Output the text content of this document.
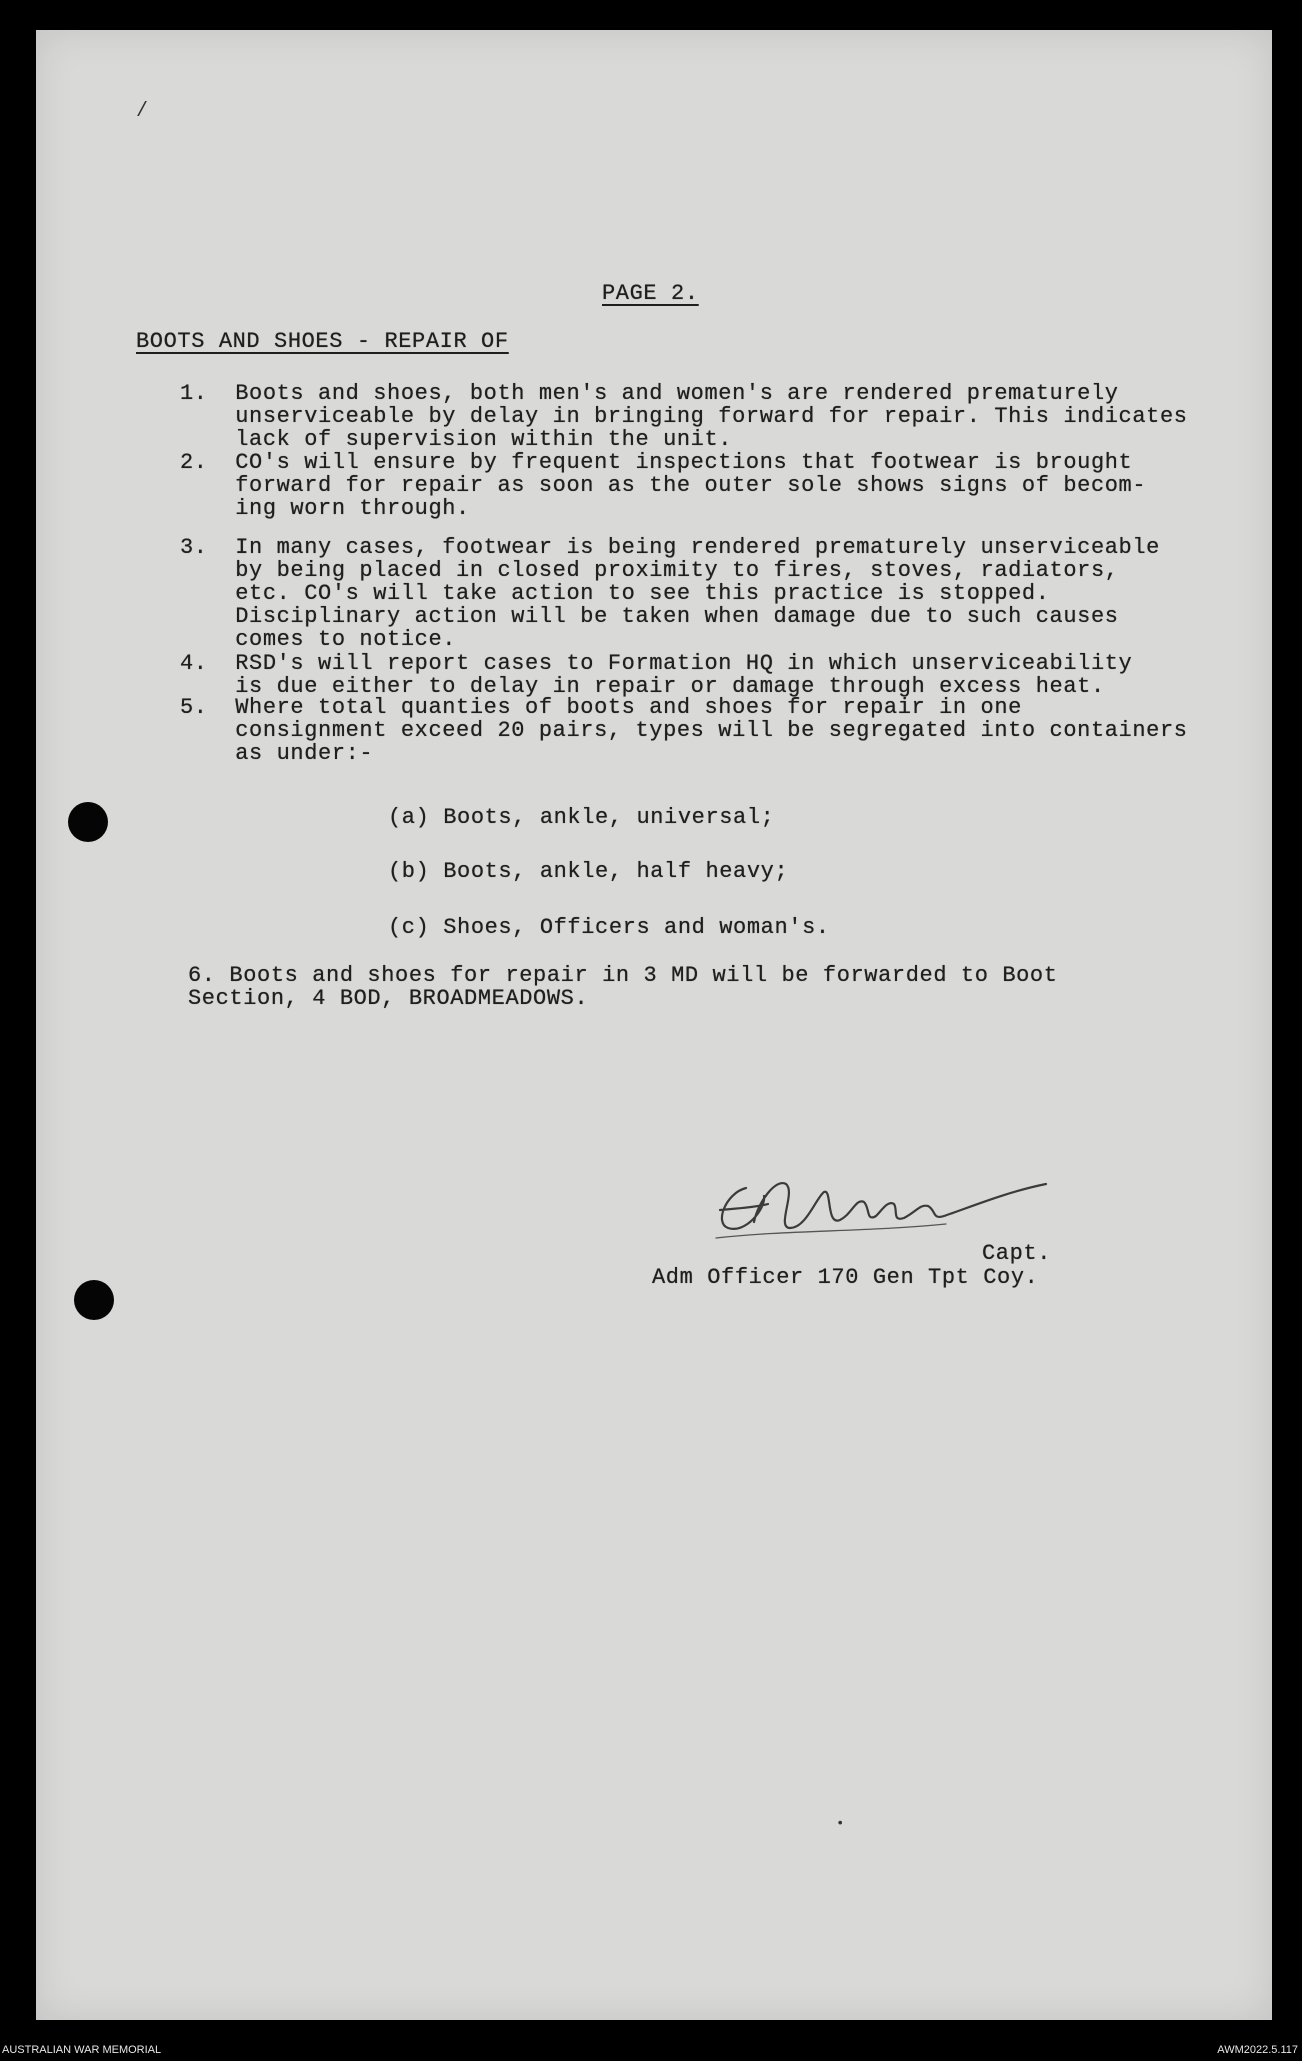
/
PAGE 2.
BOOTS AND SHOES - REPAIR OF
1.  Boots and shoes, both men's and women's are rendered prematurely
unserviceable by delay in bringing forward for repair. This indicates
lack of supervision within the unit.
2.  CO's will ensure by frequent inspections that footwear is brought
forward for repair as soon as the outer sole shows signs of becom-
ing worn through.
3.  In many cases, footwear is being rendered prematurely unserviceable
by being placed in closed proximity to fires, stoves, radiators,
etc. CO's will take action to see this practice is stopped.
Disciplinary action will be taken when damage due to such causes
comes to notice.
4.  RSD's will report cases to Formation HQ in which unserviceability
is due either to delay in repair or damage through excess heat.
5.  Where total quanties of boots and shoes for repair in one
consignment exceed 20 pairs, types will be segregated into containers
as under:-
(a) Boots, ankle, universal;
(b) Boots, ankle, half heavy;
(c) Shoes, Officers and woman's.
6. Boots and shoes for repair in 3 MD will be forwarded to Boot
Section, 4 BOD, BROADMEADOWS.
Capt.
Adm Officer 170 Gen Tpt Coy.
•
AUSTRALIAN WAR MEMORIAL	AWM2022.5.117
